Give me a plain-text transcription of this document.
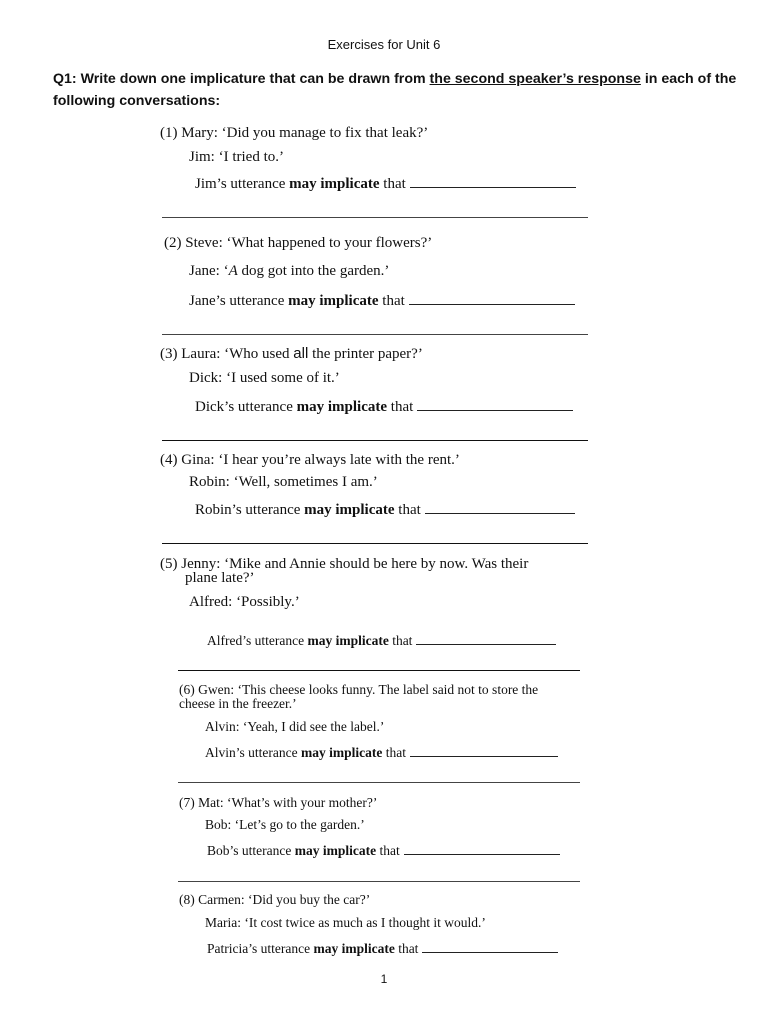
Exercises for Unit 6
Q1: Write down one implicature that can be drawn from the second speaker’s response in each of the following conversations:
(1) Mary: ‘Did you manage to fix that leak?’
Jim: ‘I tried to.’
Jim’s utterance may implicate that
(2) Steve: ‘What happened to your flowers?’
Jane: ‘A dog got into the garden.’
Jane’s utterance may implicate that
(3) Laura: ‘Who used all the printer paper?’
Dick: ‘I used some of it.’
Dick’s utterance may implicate that
(4) Gina: ‘I hear you’re always late with the rent.’
Robin: ‘Well, sometimes I am.’
Robin’s utterance may implicate that
(5) Jenny: ‘Mike and Annie should be here by now. Was their
plane late?’
Alfred: ‘Possibly.’
Alfred’s utterance may implicate that
(6) Gwen: ‘This cheese looks funny. The label said not to store the
cheese in the freezer.’
Alvin: ‘Yeah, I did see the label.’
Alvin’s utterance may implicate that
(7) Mat: ‘What’s with your mother?’
Bob: ‘Let’s go to the garden.’
Bob’s utterance may implicate that
(8) Carmen: ‘Did you buy the car?’
Maria: ‘It cost twice as much as I thought it would.’
Patricia’s utterance may implicate that
1
